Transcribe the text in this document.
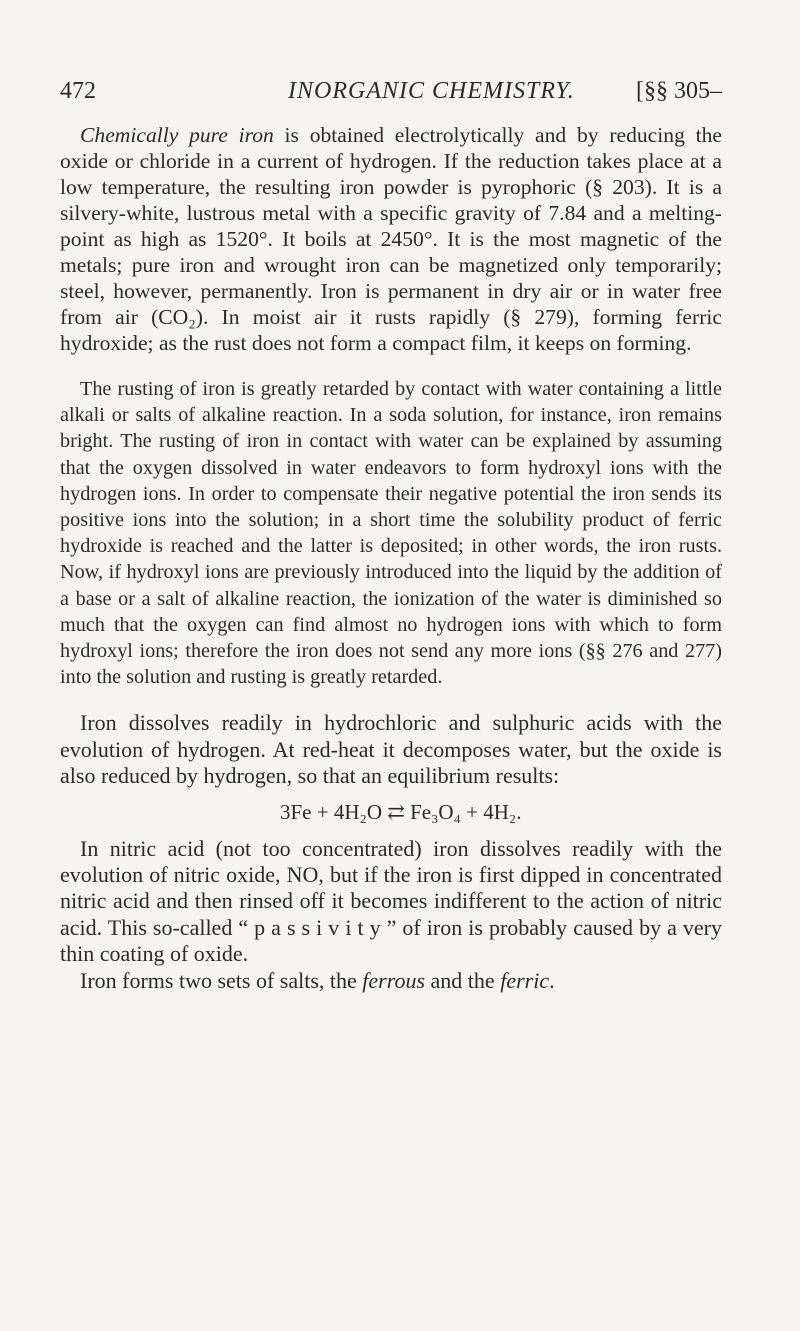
472	INORGANIC CHEMISTRY.	[§§ 305–

Chemically pure iron is obtained electrolytically and by reducing the oxide or chloride in a current of hydrogen. If the reduction takes place at a low temperature, the resulting iron powder is pyrophoric (§ 203). It is a silvery-white, lustrous metal with a specific gravity of 7.84 and a melting-point as high as 1520°. It boils at 2450°. It is the most magnetic of the metals; pure iron and wrought iron can be magnetized only temporarily; steel, however, permanently. Iron is permanent in dry air or in water free from air (CO₂). In moist air it rusts rapidly (§ 279), forming ferric hydroxide; as the rust does not form a compact film, it keeps on forming.

The rusting of iron is greatly retarded by contact with water containing a little alkali or salts of alkaline reaction. In a soda solution, for instance, iron remains bright. The rusting of iron in contact with water can be explained by assuming that the oxygen dissolved in water endeavors to form hydroxyl ions with the hydrogen ions. In order to compensate their negative potential the iron sends its positive ions into the solution; in a short time the solubility product of ferric hydroxide is reached and the latter is deposited; in other words, the iron rusts. Now, if hydroxyl ions are previously introduced into the liquid by the addition of a base or a salt of alkaline reaction, the ionization of the water is diminished so much that the oxygen can find almost no hydrogen ions with which to form hydroxyl ions; therefore the iron does not send any more ions (§§ 276 and 277) into the solution and rusting is greatly retarded.

Iron dissolves readily in hydrochloric and sulphuric acids with the evolution of hydrogen. At red-heat it decomposes water, but the oxide is also reduced by hydrogen, so that an equilibrium results:

3Fe + 4H₂O ⇄ Fe₃O₄ + 4H₂.

In nitric acid (not too concentrated) iron dissolves readily with the evolution of nitric oxide, NO, but if the iron is first dipped in concentrated nitric acid and then rinsed off it becomes indifferent to the action of nitric acid. This so-called “ p a s s i v i t y ” of iron is probably caused by a very thin coating of oxide.

Iron forms two sets of salts, the ferrous and the ferric.
